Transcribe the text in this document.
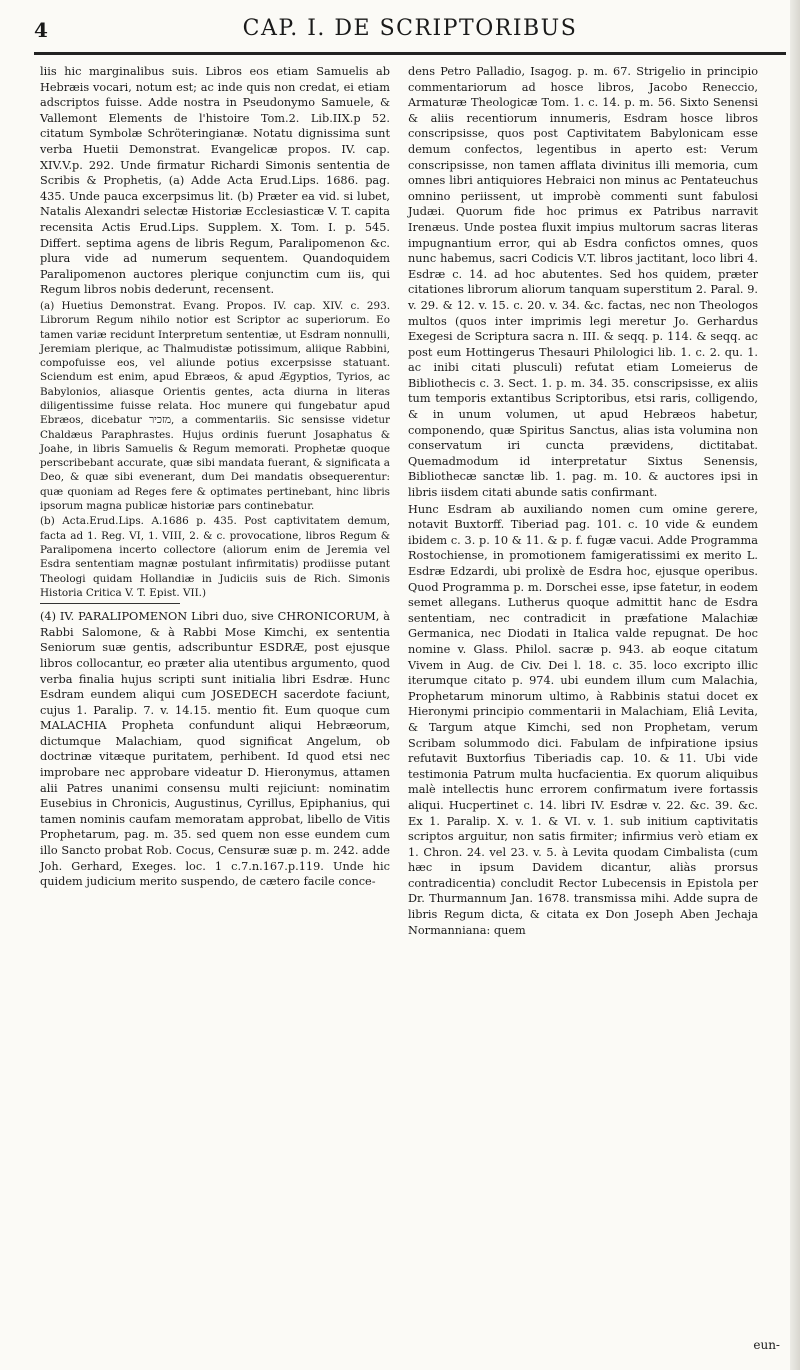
4	CAP. I. DE SCRIPTORIBUS

liis hic marginalibus suis. Libros eos etiam Samuelis ab Hebræis vocari, notum est; ac inde quis non credat, ei etiam adscriptos fuisse. Adde nostra in Pseudonymo Samuele, & Vallemont Elements de l'histoire Tom.2. Lib.IIX.p 52. citatum Symbolæ Schröteringianæ. Notatu dignissima sunt verba Huetii Demonstrat. Evangelicæ propos. IV. cap. XIV.V.p. 292. Unde firmatur Richardi Simonis sententia de Scribis & Prophetis, (a) Adde Acta Erud.Lips. 1686. pag. 435. Unde pauca excerpsimus lit. (b) Præter ea vid. si lubet, Natalis Alexandri selectæ Historiæ Ecclesiasticæ V. T. capita recensita Actis Erud.Lips. Supplem. X. Tom. I. p. 545. Differt. septima agens de libris Regum, Paralipomenon &c. plura vide ad numerum sequentem. Quandoquidem Paralipomenon auctores plerique conjunctim cum iis, qui Regum libros nobis dederunt, recensent.

(a) Huetius Demonstrat. Evang. Propos. IV. cap. XIV. c. 293. Librorum Regum nihilo notior est Scriptor ac superiorum. Eo tamen variæ recidunt Interpretum sententiæ, ut Esdram nonnulli, Jeremiam plerique, ac Thalmudistæ potissimum, aliique Rabbini, compofuisse eos, vel aliunde potius excerpsisse statuant. Sciendum est enim, apud Ebræos, & apud Ægyptios, Tyrios, ac Babylonios, aliasque Orientis gentes, acta diurna in literas diligentissime fuisse relata. Hoc munere qui fungebatur apud Ebræos, dicebatur מזכיר, a commentariis. Sic sensisse videtur Chaldæus Paraphrastes. Hujus ordinis fuerunt Josaphatus & Joahe, in libris Samuelis & Regum memorati. Prophetæ quoque perscribebant accurate, quæ sibi mandata fuerant, & significata a Deo, & quæ sibi evenerant, dum Dei mandatis obsequerentur: quæ quoniam ad Reges fere & optimates pertinebant, hinc libris ipsorum magna publicæ historiæ pars continebatur.

(b) Acta.Erud.Lips. A.1686 p. 435. Post captivitatem demum, facta ad 1. Reg. VI, 1. VIII, 2. & c. provocatione, libros Regum & Paralipomena incerto collectore (aliorum enim de Jeremia vel Esdra sententiam magnæ postulant infirmitatis) prodiisse putant Theologi quidam Hollandiæ in Judiciis suis de Rich. Simonis Historia Critica V. T. Epist. VII.)

(4) IV. PARALIPOMENON Libri duo, sive CHRONICORUM, à Rabbi Salomone, & à Rabbi Mose Kimchi, ex sententia Seniorum suæ gentis, adscribuntur ESDRÆ, post ejusque libros collocantur, eo præter alia utentibus argumento, quod verba finalia hujus scripti sunt initialia libri Esdræ. Hunc Esdram eundem aliqui cum JOSEDECH sacerdote faciunt, cujus 1. Paralip. 7. v. 14.15. mentio fit. Eum quoque cum MALACHIA Propheta confundunt aliqui Hebræorum, dictumque Malachiam, quod significat Angelum, ob doctrinæ vitæque puritatem, perhibent. Id quod etsi nec improbare nec approbare videatur D. Hieronymus, attamen alii Patres unanimi consensu multi rejiciunt: nominatim Eusebius in Chronicis, Augustinus, Cyrillus, Epiphanius, qui tamen nominis caufam memoratam approbat, libello de Vitis Prophetarum, pag. m. 35. sed quem non esse eundem cum illo Sancto probat Rob. Cocus, Censuræ suæ p. m. 242. adde Joh. Gerhard, Exeges. loc. 1 c.7.n.167.p.119. Unde hic quidem judicium merito suspendo, de cætero facile conce-

dens Petro Palladio, Isagog. p. m. 67. Strigelio in principio commentariorum ad hosce libros, Jacobo Reneccio, Armaturæ Theologicæ Tom. 1. c. 14. p. m. 56. Sixto Senensi & aliis recentiorum innumeris, Esdram hosce libros conscripsisse, quos post Captivitatem Babylonicam esse demum confectos, legentibus in aperto est: Verum conscripsisse, non tamen afflata divinitus illi memoria, cum omnes libri antiquiores Hebraici non minus ac Pentateuchus omnino periissent, ut improbè commenti sunt fabulosi Judæi. Quorum fide hoc primus ex Patribus narravit Irenæus. Unde postea fluxit impius multorum sacras literas impugnantium error, qui ab Esdra confictos omnes, quos nunc habemus, sacri Codicis V.T. libros jactitant, loco libri 4. Esdræ c. 14. ad hoc abutentes. Sed hos quidem, præter citationes librorum aliorum tanquam superstitum 2. Paral. 9. v. 29. & 12. v. 15. c. 20. v. 34. &c. factas, nec non Theologos multos (quos inter imprimis legi meretur Jo. Gerhardus Exegesi de Scriptura sacra n. III. & seqq. p. 114. & seqq. ac post eum Hottingerus Thesauri Philologici lib. 1. c. 2. qu. 1. ac inibi citati plusculi) refutat etiam Lomeierus de Bibliothecis c. 3. Sect. 1. p. m. 34. 35. conscripsisse, ex aliis tum temporis extantibus Scriptoribus, etsi raris, colligendo, & in unum volumen, ut apud Hebræos habetur, componendo, quæ Spiritus Sanctus, alias ista volumina non conservatum iri cuncta prævidens, dictitabat. Quemadmodum id interpretatur Sixtus Senensis, Bibliothecæ sanctæ lib. 1. pag. m. 10. & auctores ipsi in libris iisdem citati abunde satis confirmant.

Hunc Esdram ab auxiliando nomen cum omine gerere, notavit Buxtorff. Tiberiad pag. 101. c. 10 vide & eundem ibidem c. 3. p. 10 & 11. & p. f. fugæ vacui. Adde Programma Rostochiense, in promotionem famigeratissimi ex merito L. Esdræ Edzardi, ubi prolixè de Esdra hoc, ejusque operibus. Quod Programma p. m. Dorschei esse, ipse fatetur, in eodem semet allegans. Lutherus quoque admittit hanc de Esdra sententiam, nec contradicit in præfatione Malachiæ Germanica, nec Diodati in Italica valde repugnat. De hoc nomine v. Glass. Philol. sacræ p. 943. ab eoque citatum Vivem in Aug. de Civ. Dei l. 18. c. 35. loco excripto illic iterumque citato p. 974. ubi eundem illum cum Malachia, Prophetarum minorum ultimo, à Rabbinis statui docet ex Hieronymi principio commentarii in Malachiam, Eliâ Levita, & Targum atque Kimchi, sed non Prophetam, verum Scribam solummodo dici. Fabulam de infpiratione ipsius refutavit Buxtorfius Tiberiadis cap. 10. & 11. Ubi vide testimonia Patrum multa hucfacientia. Ex quorum aliquibus malè intellectis hunc errorem confirmatum ivere fortassis aliqui. Hucpertinet c. 14. libri IV. Esdræ v. 22. &c. 39. &c. Ex 1. Paralip. X. v. 1. & VI. v. 1. sub initium captivitatis scriptos arguitur, non satis firmiter; infirmius verò etiam ex 1. Chron. 24. vel 23. v. 5. à Levita quodam Cimbalista (cum hæc in ipsum Davidem dicantur, aliàs prorsus contradicentia) concludit Rector Lubecensis in Epistola per Dr. Thurmannum Jan. 1678. transmissa mihi. Adde supra de libris Regum dicta, & citata ex Don Joseph Aben Jechaja Normanniana: quem

eun-
